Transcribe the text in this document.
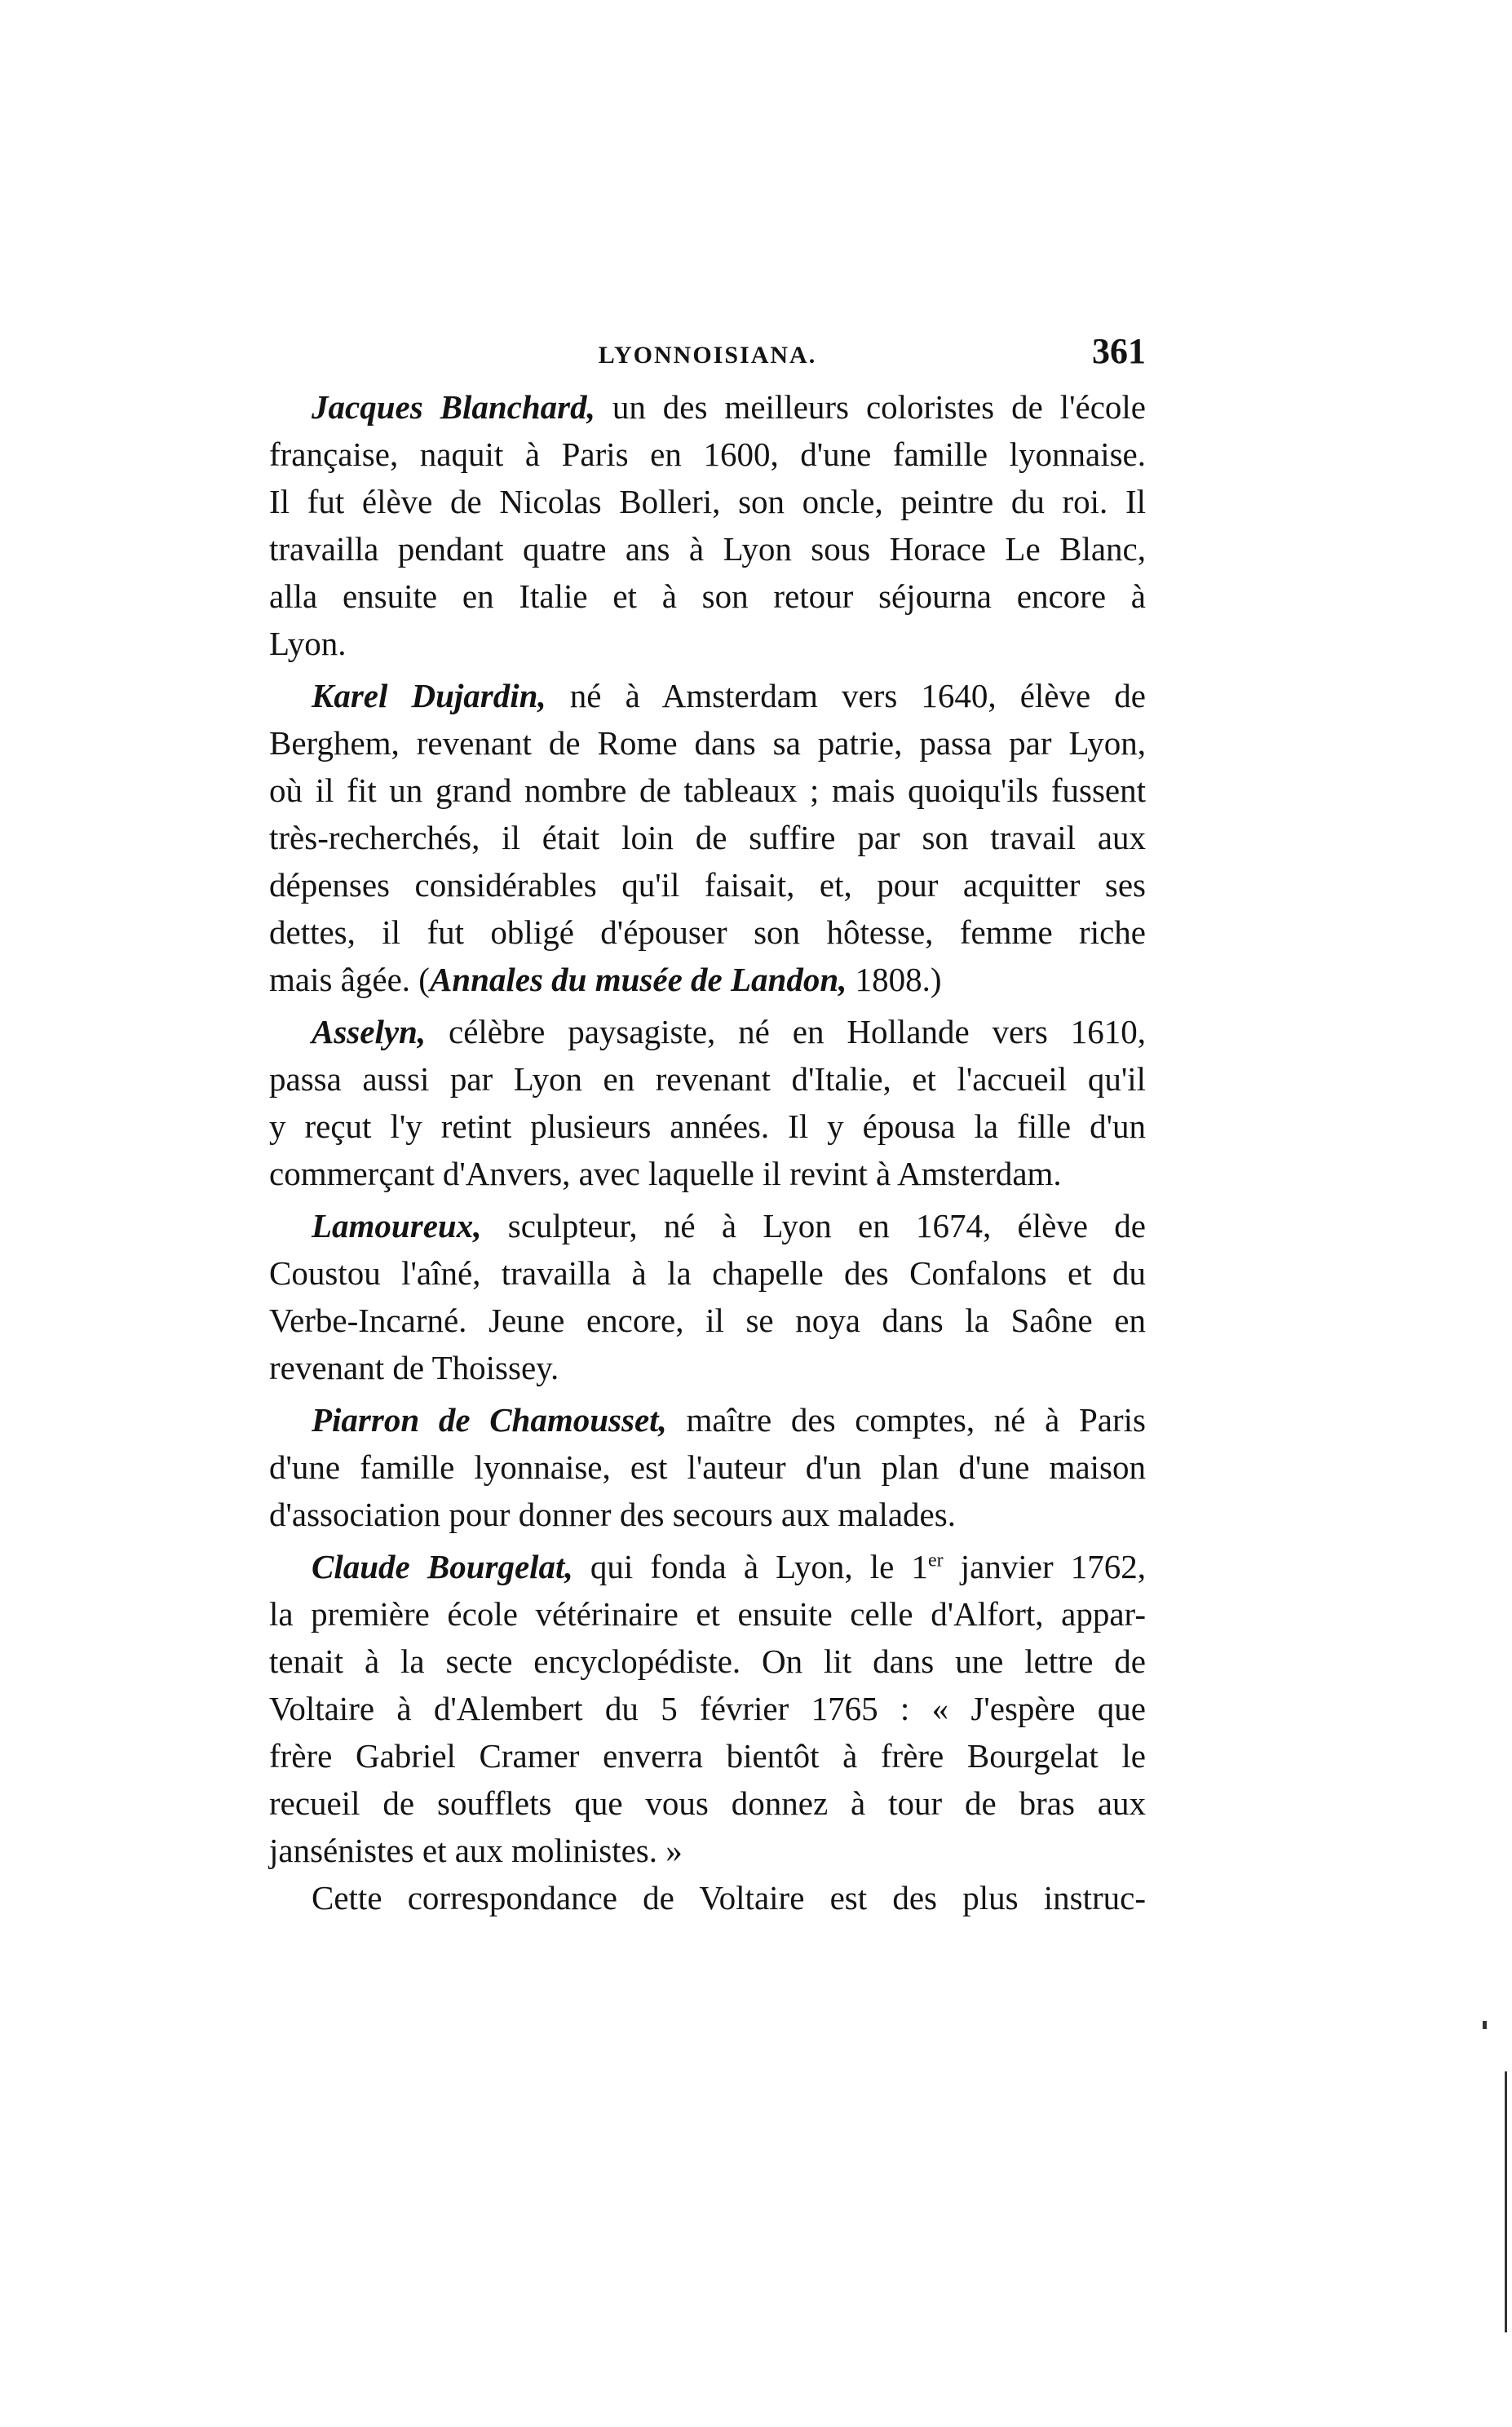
LYONNOISIANA.	361
Jacques Blanchard, un des meilleurs coloristes de l'école
française, naquit à Paris en 1600, d'une famille lyonnaise.
Il fut élève de Nicolas Bolleri, son oncle, peintre du roi. Il
travailla pendant quatre ans à Lyon sous Horace Le Blanc,
alla ensuite en Italie et à son retour séjourna encore à
Lyon.
Karel Dujardin, né à Amsterdam vers 1640, élève de
Berghem, revenant de Rome dans sa patrie, passa par Lyon,
où il fit un grand nombre de tableaux ; mais quoiqu'ils fussent
très-recherchés, il était loin de suffire par son travail aux
dépenses considérables qu'il faisait, et, pour acquitter ses
dettes, il fut obligé d'épouser son hôtesse, femme riche
mais âgée. (Annales du musée de Landon, 1808.)
Asselyn, célèbre paysagiste, né en Hollande vers 1610,
passa aussi par Lyon en revenant d'Italie, et l'accueil qu'il
y reçut l'y retint plusieurs années. Il y épousa la fille d'un
commerçant d'Anvers, avec laquelle il revint à Amsterdam.
Lamoureux, sculpteur, né à Lyon en 1674, élève de
Coustou l'aîné, travailla à la chapelle des Confalons et du
Verbe-Incarné. Jeune encore, il se noya dans la Saône en
revenant de Thoissey.
Piarron de Chamousset, maître des comptes, né à Paris
d'une famille lyonnaise, est l'auteur d'un plan d'une maison
d'association pour donner des secours aux malades.
Claude Bourgelat, qui fonda à Lyon, le 1er janvier 1762,
la première école vétérinaire et ensuite celle d'Alfort, appar-
tenait à la secte encyclopédiste. On lit dans une lettre de
Voltaire à d'Alembert du 5 février 1765 : « J'espère que
frère Gabriel Cramer enverra bientôt à frère Bourgelat le
recueil de soufflets que vous donnez à tour de bras aux
jansénistes et aux molinistes. »
Cette correspondance de Voltaire est des plus instruc-
